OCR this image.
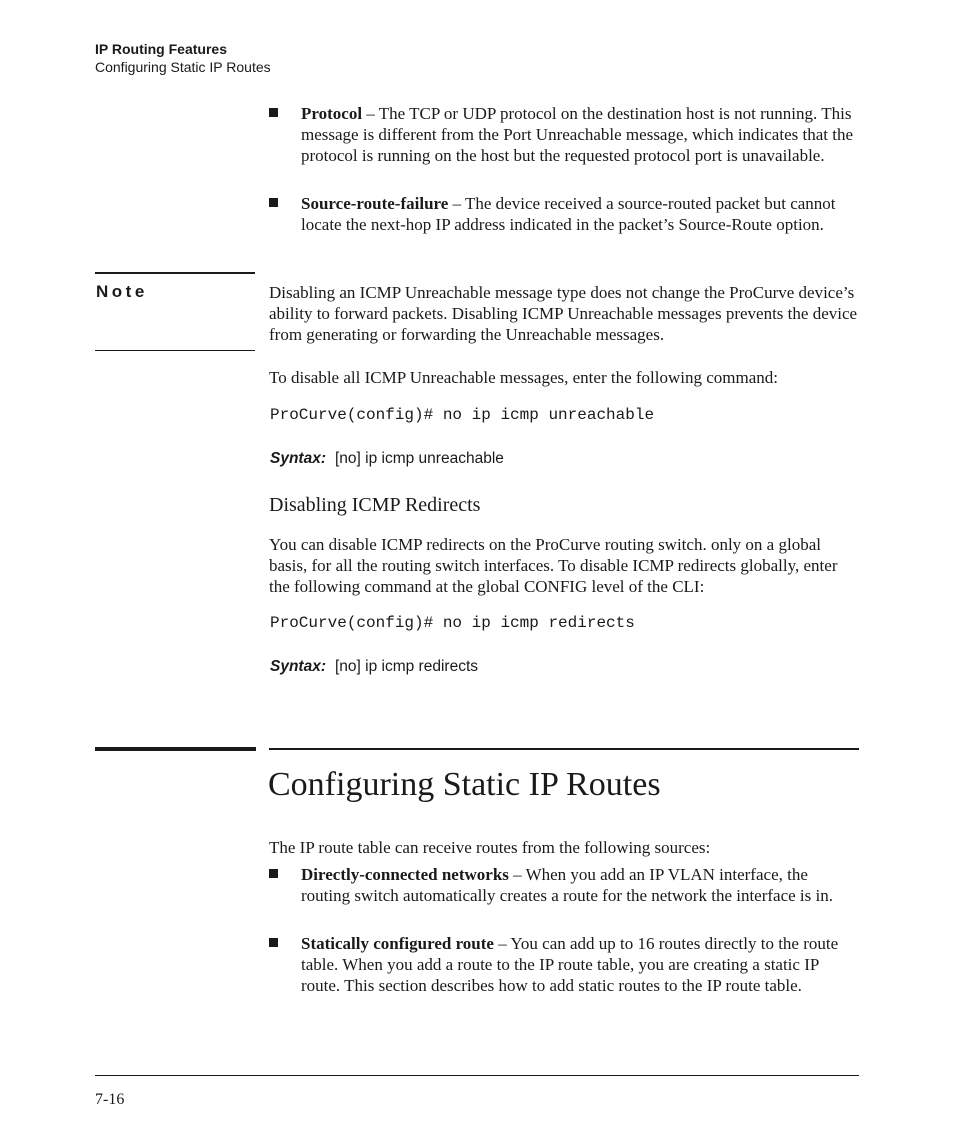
IP Routing Features
Configuring Static IP Routes
Protocol – The TCP or UDP protocol on the destination host is not running. This message is different from the Port Unreachable message, which indicates that the protocol is running on the host but the requested protocol port is unavailable.
Source-route-failure – The device received a source-routed packet but cannot locate the next-hop IP address indicated in the packet’s Source-Route option.
Note	Disabling an ICMP Unreachable message type does not change the ProCurve device’s ability to forward packets. Disabling ICMP Unreachable messages prevents the device from generating or forwarding the Unreachable messages.
To disable all ICMP Unreachable messages, enter the following command:
ProCurve(config)# no ip icmp unreachable
Syntax: [no] ip icmp unreachable
Disabling ICMP Redirects
You can disable ICMP redirects on the ProCurve routing switch. only on a global basis, for all the routing switch interfaces. To disable ICMP redirects globally, enter the following command at the global CONFIG level of the CLI:
ProCurve(config)# no ip icmp redirects
Syntax: [no] ip icmp redirects
Configuring Static IP Routes
The IP route table can receive routes from the following sources:
Directly-connected networks – When you add an IP VLAN interface, the routing switch automatically creates a route for the network the interface is in.
Statically configured route – You can add up to 16 routes directly to the route table. When you add a route to the IP route table, you are creating a static IP route. This section describes how to add static routes to the IP route table.
7-16
